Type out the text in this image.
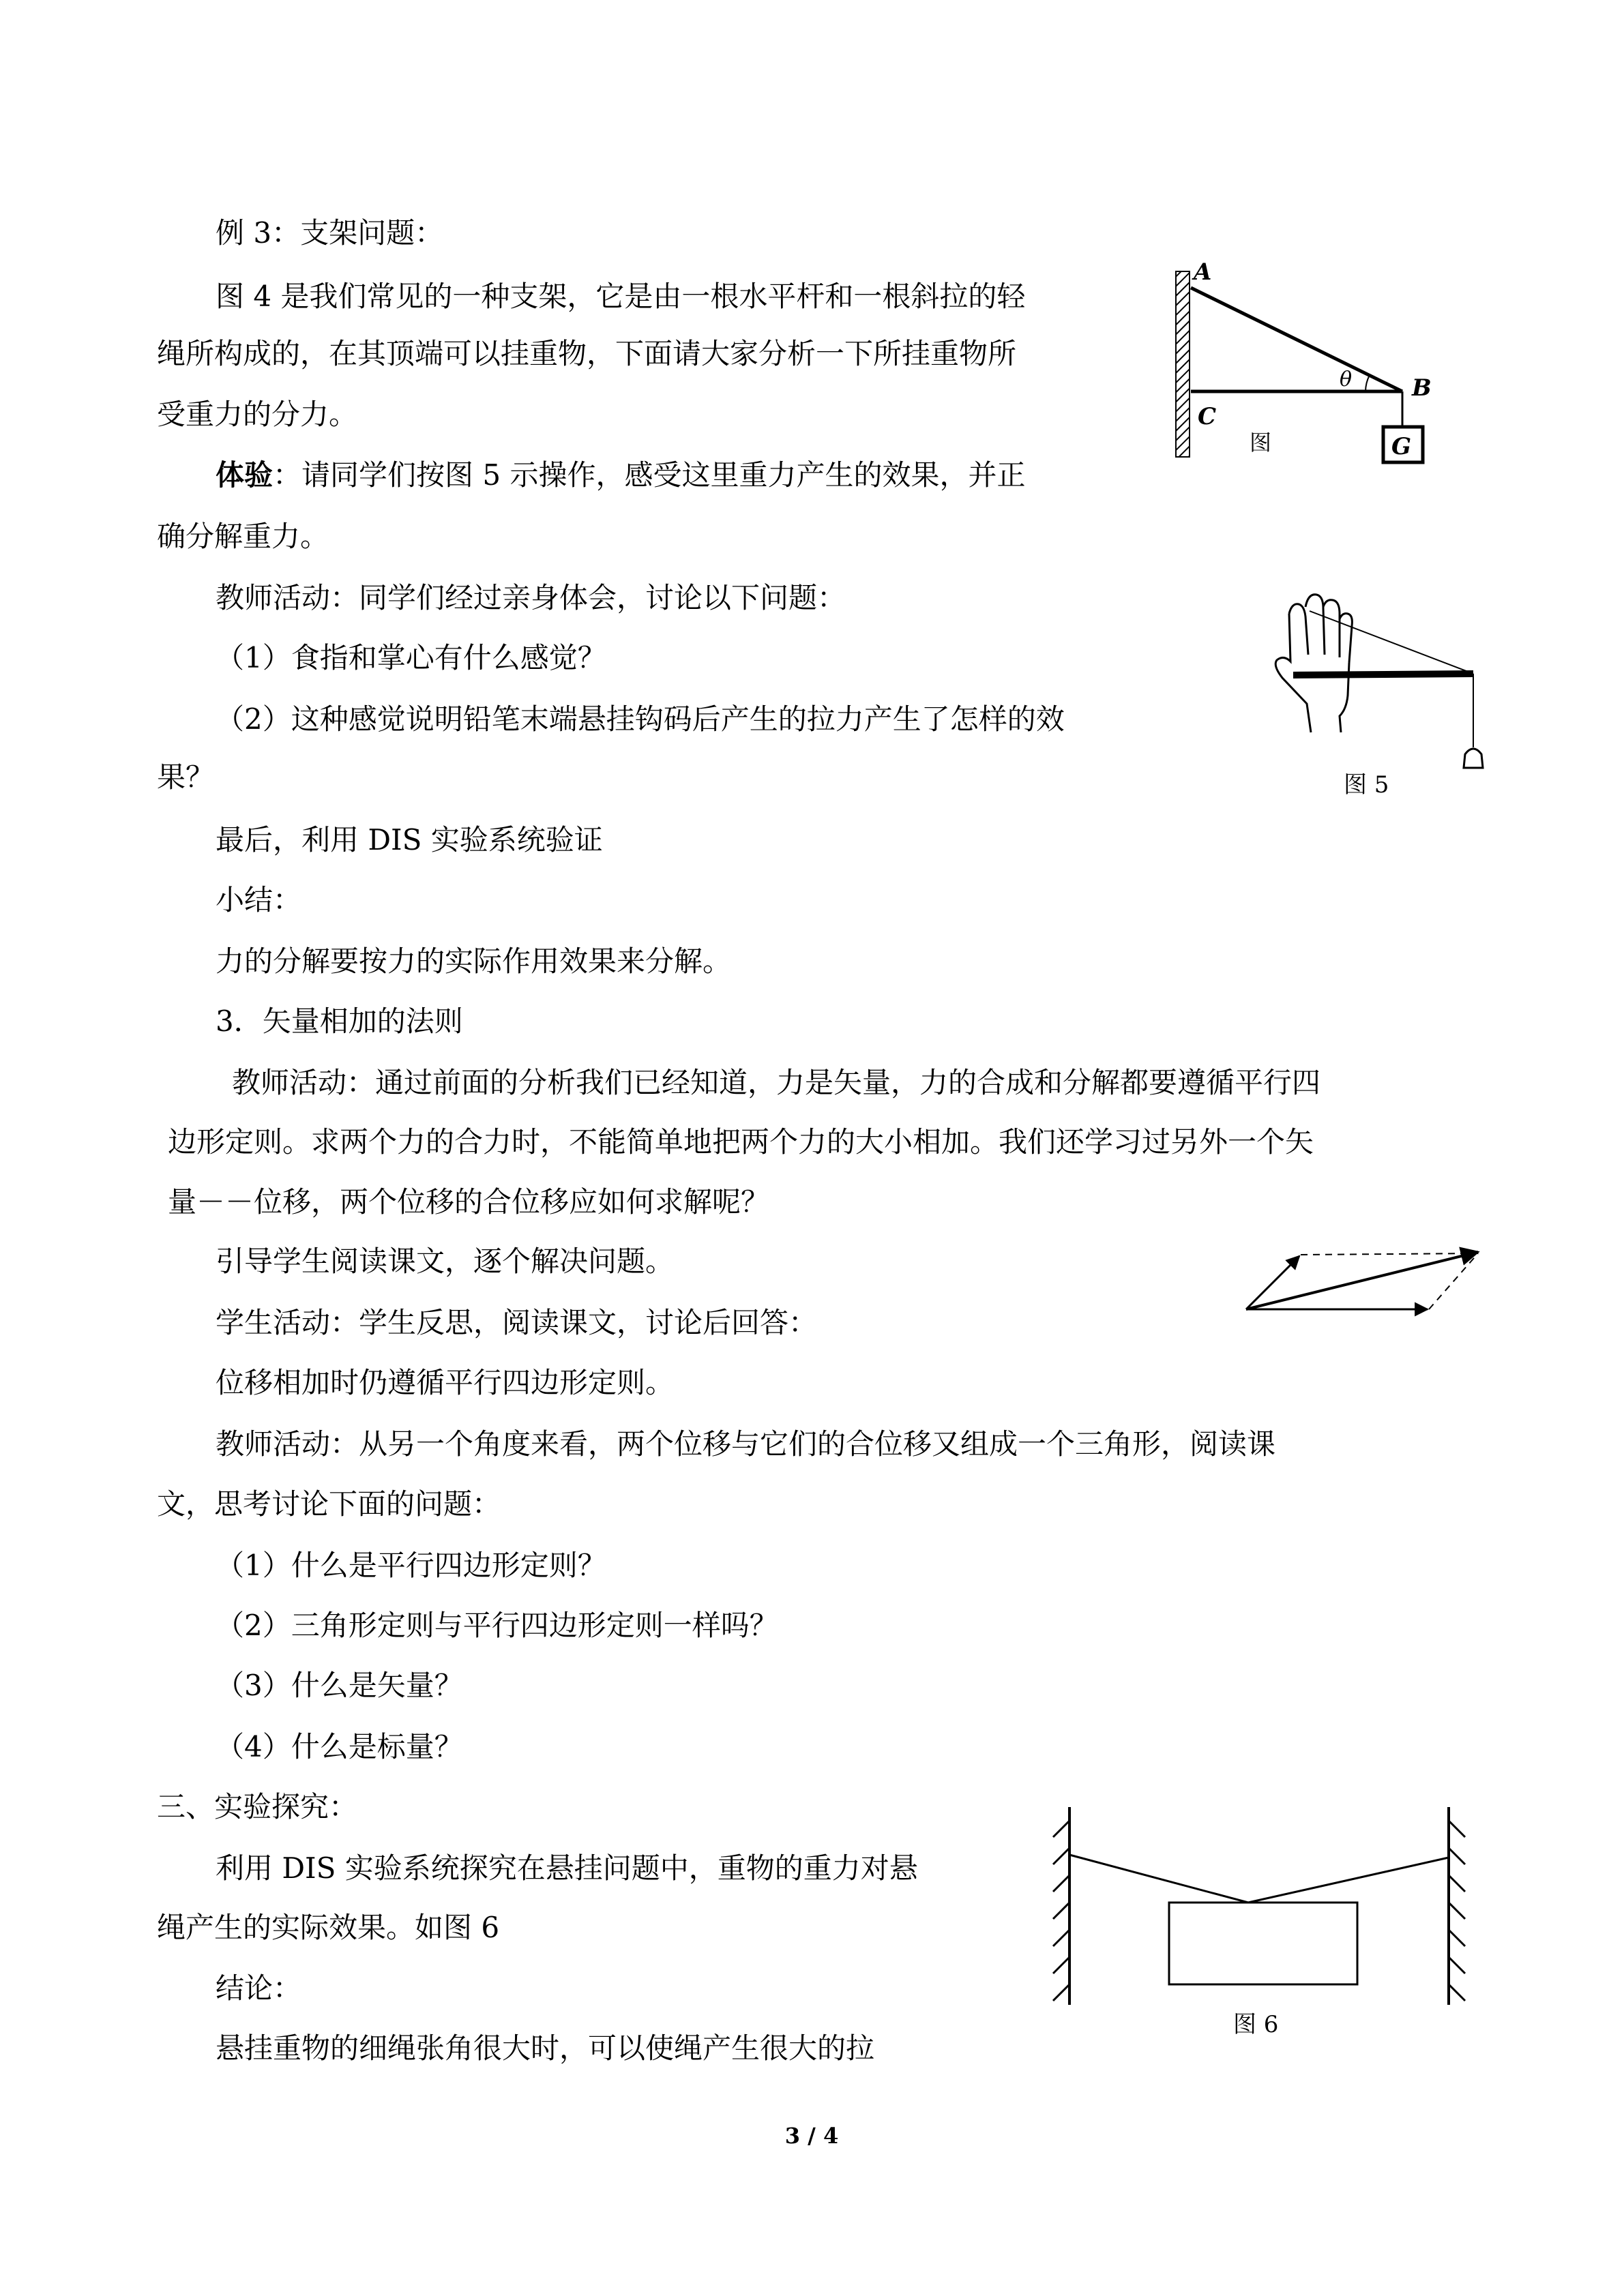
例 3：支架问题：
图 4 是我们常见的一种支架，它是由一根水平杆和一根斜拉的轻
绳所构成的，在其顶端可以挂重物，下面请大家分析一下所挂重物所
受重力的分力。
体验：请同学们按图 5 示操作，感受这里重力产生的效果，并正
确分解重力。
教师活动：同学们经过亲身体会，讨论以下问题：
（1）食指和掌心有什么感觉？
（2）这种感觉说明铅笔末端悬挂钩码后产生的拉力产生了怎样的效
果？
最后，利用 DIS 实验系统验证
小结：
力的分解要按力的实际作用效果来分解。
3．矢量相加的法则
教师活动：通过前面的分析我们已经知道，力是矢量，力的合成和分解都要遵循平行四
边形定则。求两个力的合力时，不能简单地把两个力的大小相加。我们还学习过另外一个矢
量－－位移，两个位移的合位移应如何求解呢？
引导学生阅读课文，逐个解决问题。
学生活动：学生反思，阅读课文，讨论后回答：
位移相加时仍遵循平行四边形定则。
教师活动：从另一个角度来看，两个位移与它们的合位移又组成一个三角形，阅读课
文，思考讨论下面的问题：
（1）什么是平行四边形定则？
（2）三角形定则与平行四边形定则一样吗？
（3）什么是矢量？
（4）什么是标量？
三、实验探究：
利用 DIS 实验系统探究在悬挂问题中，重物的重力对悬
绳产生的实际效果。如图 6
结论：
悬挂重物的细绳张角很大时，可以使绳产生很大的拉
A
B
C
G
θ
图
图 5
图 6
3 / 4
